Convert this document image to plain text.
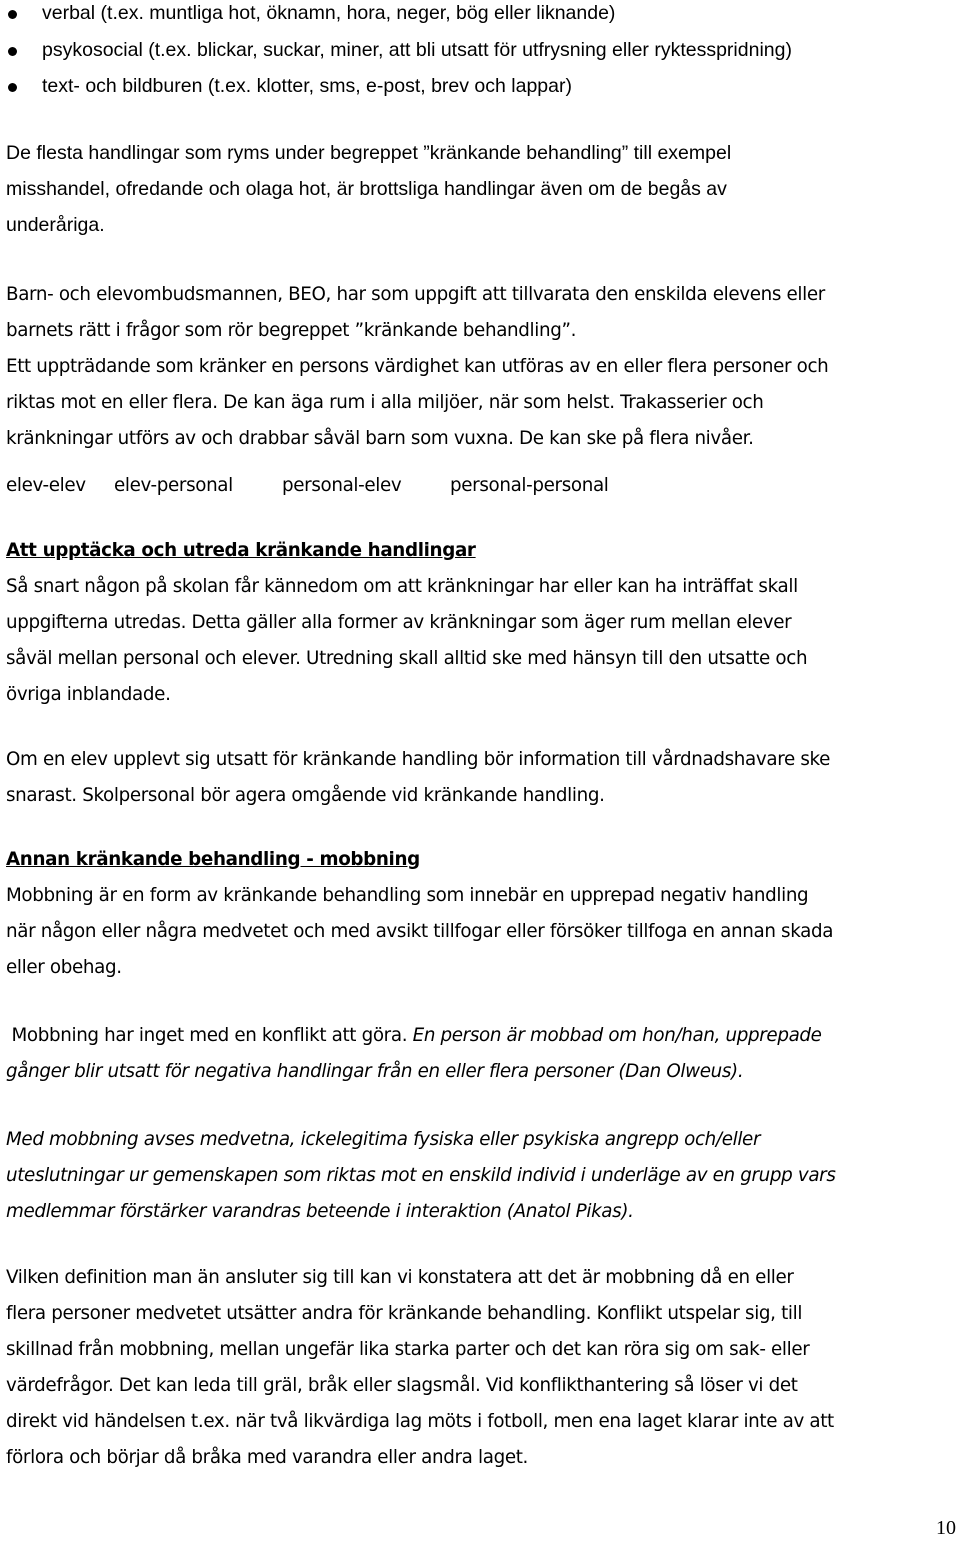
verbal (t.ex. muntliga hot, öknamn, hora, neger, bög eller liknande)
psykosocial (t.ex. blickar, suckar, miner, att bli utsatt för utfrysning eller ryktesspridning)
text- och bildburen (t.ex. klotter, sms, e-post, brev och lappar)
De flesta handlingar som ryms under begreppet ”kränkande behandling” till exempel
misshandel, ofredande och olaga hot, är brottsliga handlingar även om de begås av
underåriga.
Barn- och elevombudsmannen, BEO, har som uppgift att tillvarata den enskilda elevens eller
barnets rätt i frågor som rör begreppet ”kränkande behandling”.
Ett uppträdande som kränker en persons värdighet kan utföras av en eller flera personer och
riktas mot en eller flera. De kan äga rum i alla miljöer, när som helst. Trakasserier och
kränkningar utförs av och drabbar såväl barn som vuxna. De kan ske på flera nivåer.
elev-elev elev-personal	personal-elev	personal-personal
Att upptäcka och utreda kränkande handlingar
Så snart någon på skolan får kännedom om att kränkningar har eller kan ha inträffat skall
uppgifterna utredas. Detta gäller alla former av kränkningar som äger rum mellan elever
såväl mellan personal och elever. Utredning skall alltid ske med hänsyn till den utsatte och
övriga inblandade.
Om en elev upplevt sig utsatt för kränkande handling bör information till vårdnadshavare ske
snarast. Skolpersonal bör agera omgående vid kränkande handling.
Annan kränkande behandling - mobbning
Mobbning är en form av kränkande behandling som innebär en upprepad negativ handling
när någon eller några medvetet och med avsikt tillfogar eller försöker tillfoga en annan skada
eller obehag.
Mobbning har inget med en konflikt att göra. En person är mobbad om hon/han, upprepade
gånger blir utsatt för negativa handlingar från en eller flera personer (Dan Olweus).
Med mobbning avses medvetna, ickelegitima fysiska eller psykiska angrepp och/eller
uteslutningar ur gemenskapen som riktas mot en enskild individ i underläge av en grupp vars
medlemmar förstärker varandras beteende i interaktion (Anatol Pikas).
Vilken definition man än ansluter sig till kan vi konstatera att det är mobbning då en eller
flera personer medvetet utsätter andra för kränkande behandling. Konflikt utspelar sig, till
skillnad från mobbning, mellan ungefär lika starka parter och det kan röra sig om sak- eller
värdefrågor. Det kan leda till gräl, bråk eller slagsmål. Vid konflikthantering så löser vi det
direkt vid händelsen t.ex. när två likvärdiga lag möts i fotboll, men ena laget klarar inte av att
förlora och börjar då bråka med varandra eller andra laget.
10
